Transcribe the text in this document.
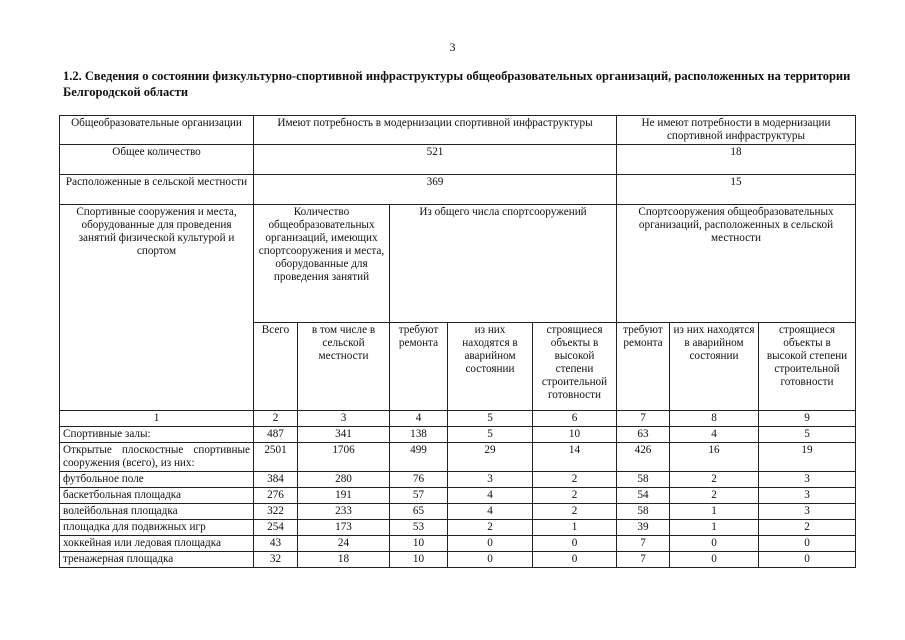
3
1.2. Сведения о состоянии физкультурно-спортивной инфраструктуры общеобразовательных организаций, расположенных на территории Белгородской области
Общеобразовательные организации	Имеют потребность в модернизации спортивной инфраструктуры					Не имеют потребности в модернизации спортивной инфраструктуры		
Общее количество	521					18		
Расположенные в сельской местности	369					15		
Спортивные сооружения и места, оборудованные для проведения занятий физической культурой и спортом	Количество общеобразовательных организаций, имеющих спортсооружения и места, оборудованные для проведения занятий		Из общего числа спортсооружений			Спортсооружения общеобразовательных организаций, расположенных в сельской местности		
	Всего	в том числе в сельской местности	требуют ремонта	из них находятся в аварийном состоянии	строящиеся объекты в высокой степени строительной готовности	требуют ремонта	из них находятся в аварийном состоянии	строящиеся объекты в высокой степени строительной готовности
1	2	3	4	5	6	7	8	9
Спортивные залы:	487	341	138	5	10	63	4	5
Открытые плоскостные спортивные сооружения (всего), из них:	2501	1706	499	29	14	426	16	19
футбольное поле	384	280	76	3	2	58	2	3
баскетбольная площадка	276	191	57	4	2	54	2	3
волейбольная площадка	322	233	65	4	2	58	1	3
площадка для подвижных игр	254	173	53	2	1	39	1	2
хоккейная или ледовая площадка	43	24	10	0	0	7	0	0
тренажерная площадка	32	18	10	0	0	7	0	0
